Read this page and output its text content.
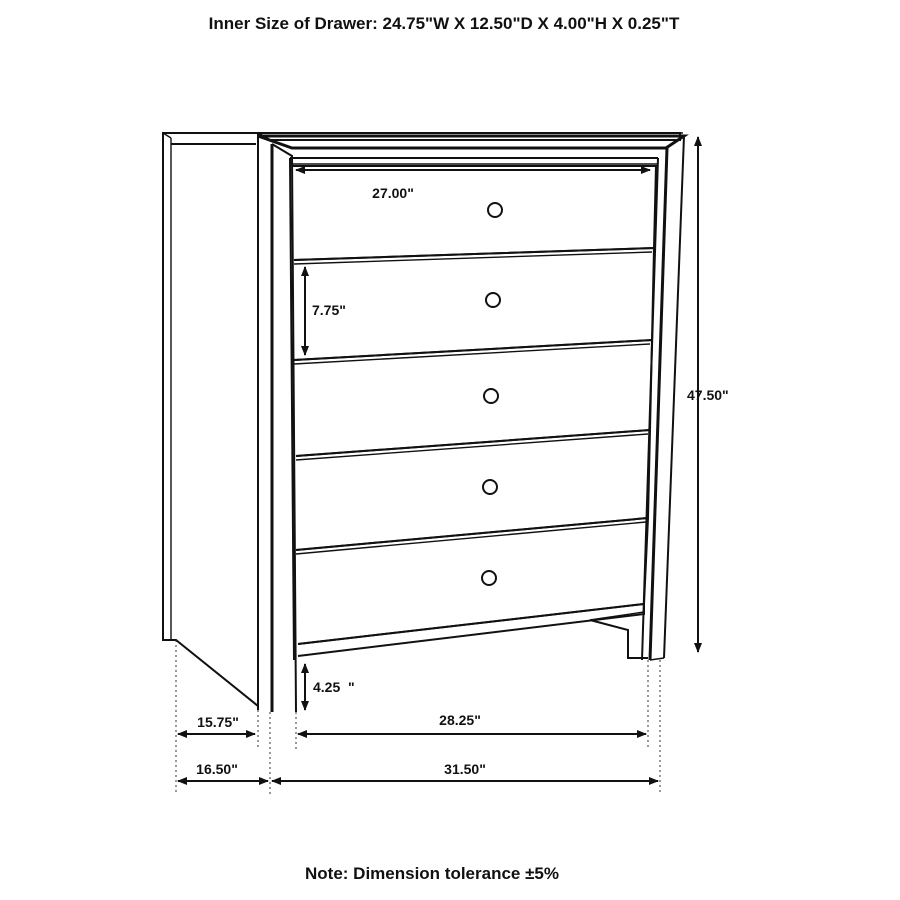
Inner Size of Drawer: 24.75"W X 12.50"D X 4.00"H X 0.25"T
27.00"
7.75"
47.50"
4.25  "
15.75"	28.25"
16.50"	31.50"
Note: Dimension tolerance ±5%
